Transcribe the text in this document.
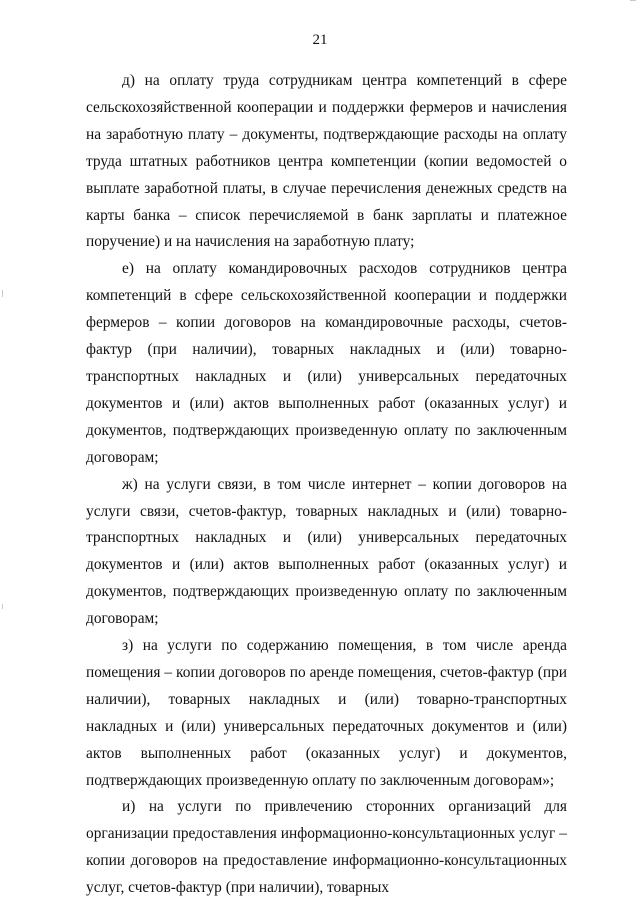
21

д) на оплату труда сотрудникам центра компетенций в сфере сельскохозяйственной кооперации и поддержки фермеров и начисления на заработную плату – документы, подтверждающие расходы на оплату труда штатных работников центра компетенции (копии ведомостей о выплате заработной платы, в случае перечисления денежных средств на карты банка – список перечисляемой в банк зарплаты и платежное поручение) и на начисления на заработную плату;

е) на оплату командировочных расходов сотрудников центра компетенций в сфере сельскохозяйственной кооперации и поддержки фермеров – копии договоров на командировочные расходы, счетов-фактур (при наличии), товарных накладных и (или) товарно-транспортных накладных и (или) универсальных передаточных документов и (или) актов выполненных работ (оказанных услуг) и документов, подтверждающих произведенную оплату по заключенным договорам;

ж) на услуги связи, в том числе интернет – копии договоров на услуги связи, счетов-фактур, товарных накладных и (или) товарно-транспортных накладных и (или) универсальных передаточных документов и (или) актов выполненных работ (оказанных услуг) и документов, подтверждающих произведенную оплату по заключенным договорам;

з) на услуги по содержанию помещения, в том числе аренда помещения – копии договоров по аренде помещения, счетов-фактур (при наличии), товарных накладных и (или) товарно-транспортных накладных и (или) универсальных передаточных документов и (или) актов выполненных работ (оказанных услуг) и документов, подтверждающих произведенную оплату по заключенным договорам»;

и) на услуги по привлечению сторонних организаций для организации предоставления информационно-консультационных услуг – копии договоров на предоставление информационно-консультационных услуг, счетов-фактур (при наличии), товарных
